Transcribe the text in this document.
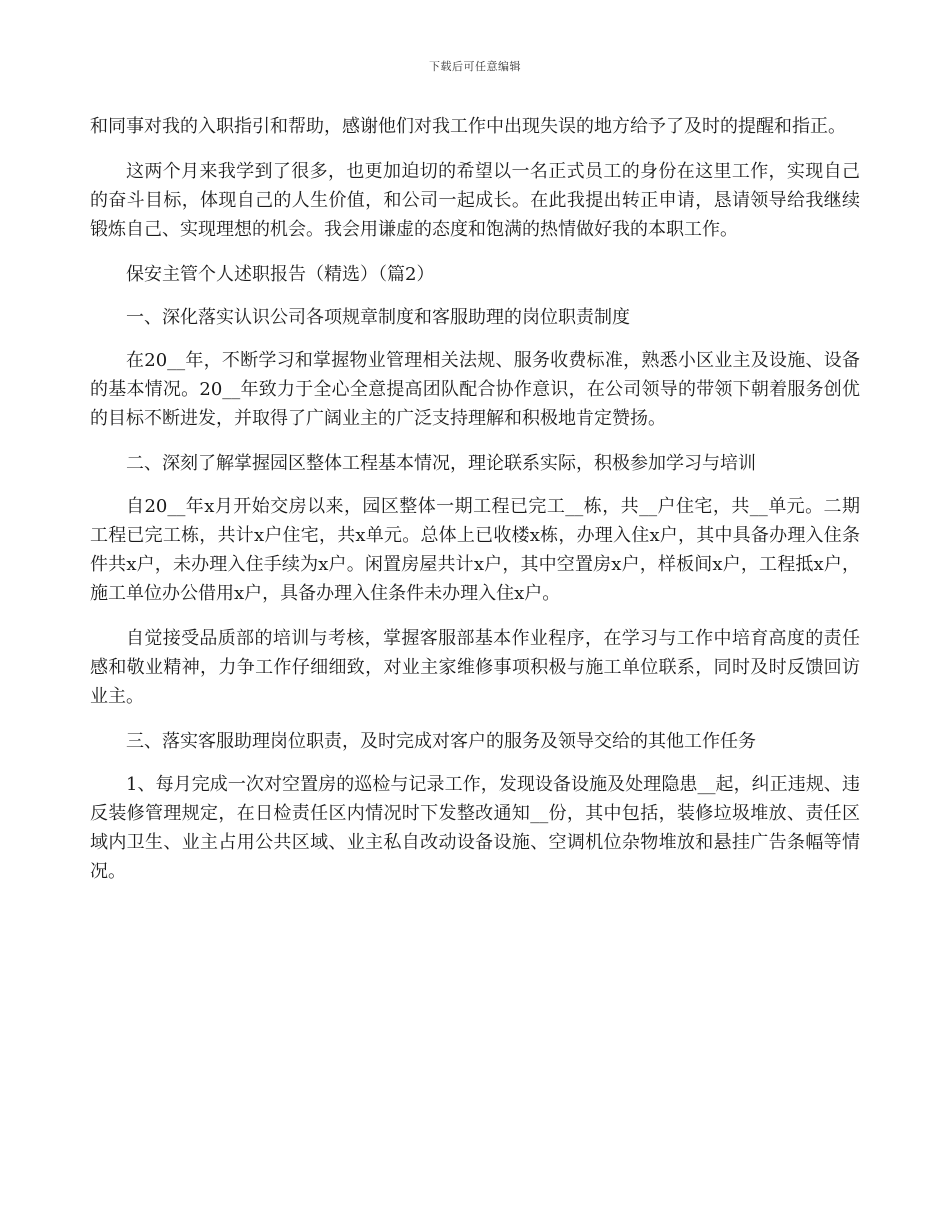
下载后可任意编辑

和同事对我的入职指引和帮助，感谢他们对我工作中出现失误的地方给予了及时的提醒和指正。

这两个月来我学到了很多，也更加迫切的希望以一名正式员工的身份在这里工作，实现自己的奋斗目标，体现自己的人生价值，和公司一起成长。在此我提出转正申请，恳请领导给我继续锻炼自己、实现理想的机会。我会用谦虚的态度和饱满的热情做好我的本职工作。

保安主管个人述职报告（精选）（篇2）

一、深化落实认识公司各项规章制度和客服助理的岗位职责制度

在20__年，不断学习和掌握物业管理相关法规、服务收费标准，熟悉小区业主及设施、设备的基本情况。20__年致力于全心全意提高团队配合协作意识，在公司领导的带领下朝着服务创优的目标不断进发，并取得了广阔业主的广泛支持理解和积极地肯定赞扬。

二、深刻了解掌握园区整体工程基本情况，理论联系实际，积极参加学习与培训

自20__年x月开始交房以来，园区整体一期工程已完工__栋，共__户住宅，共__单元。二期工程已完工栋，共计x户住宅，共x单元。总体上已收楼x栋，办理入住x户，其中具备办理入住条件共x户，未办理入住手续为x户。闲置房屋共计x户，其中空置房x户，样板间x户，工程抵x户，施工单位办公借用x户，具备办理入住条件未办理入住x户。

自觉接受品质部的培训与考核，掌握客服部基本作业程序，在学习与工作中培育高度的责任感和敬业精神，力争工作仔细细致，对业主家维修事项积极与施工单位联系，同时及时反馈回访业主。

三、落实客服助理岗位职责，及时完成对客户的服务及领导交给的其他工作任务

1、每月完成一次对空置房的巡检与记录工作，发现设备设施及处理隐患__起，纠正违规、违反装修管理规定，在日检责任区内情况时下发整改通知__份，其中包括，装修垃圾堆放、责任区域内卫生、业主占用公共区域、业主私自改动设备设施、空调机位杂物堆放和悬挂广告条幅等情况。
